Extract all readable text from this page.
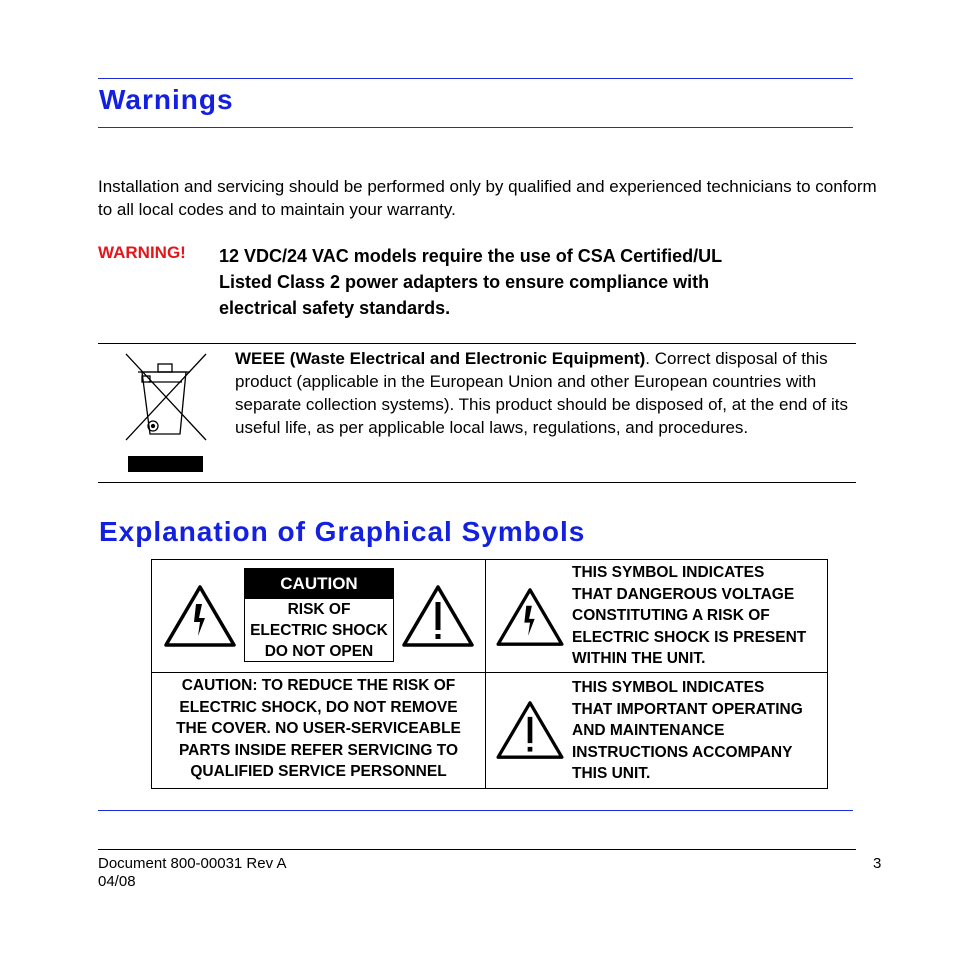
Warnings
Installation and servicing should be performed only by qualified and experienced technicians to conform to all local codes and to maintain your warranty.
WARNING! 12 VDC/24 VAC models require the use of CSA Certified/UL
Listed Class 2 power adapters to ensure compliance with
electrical safety standards.
WEEE (Waste Electrical and Electronic Equipment). Correct disposal of this product (applicable in the European Union and other European countries with separate collection systems). This product should be disposed of, at the end of its useful life, as per applicable local laws, regulations, and procedures.
Explanation of Graphical Symbols
CAUTION
RISK OF
ELECTRIC SHOCK
DO NOT OPEN
THIS SYMBOL INDICATES
THAT DANGEROUS VOLTAGE
CONSTITUTING A RISK OF
ELECTRIC SHOCK IS PRESENT
WITHIN THE UNIT.
CAUTION: TO REDUCE THE RISK OF
ELECTRIC SHOCK, DO NOT REMOVE
THE COVER. NO USER-SERVICEABLE
PARTS INSIDE REFER SERVICING TO
QUALIFIED SERVICE PERSONNEL
THIS SYMBOL INDICATES
THAT IMPORTANT OPERATING
AND MAINTENANCE
INSTRUCTIONS ACCOMPANY
THIS UNIT.
Document 800-00031 Rev A
04/08
3
